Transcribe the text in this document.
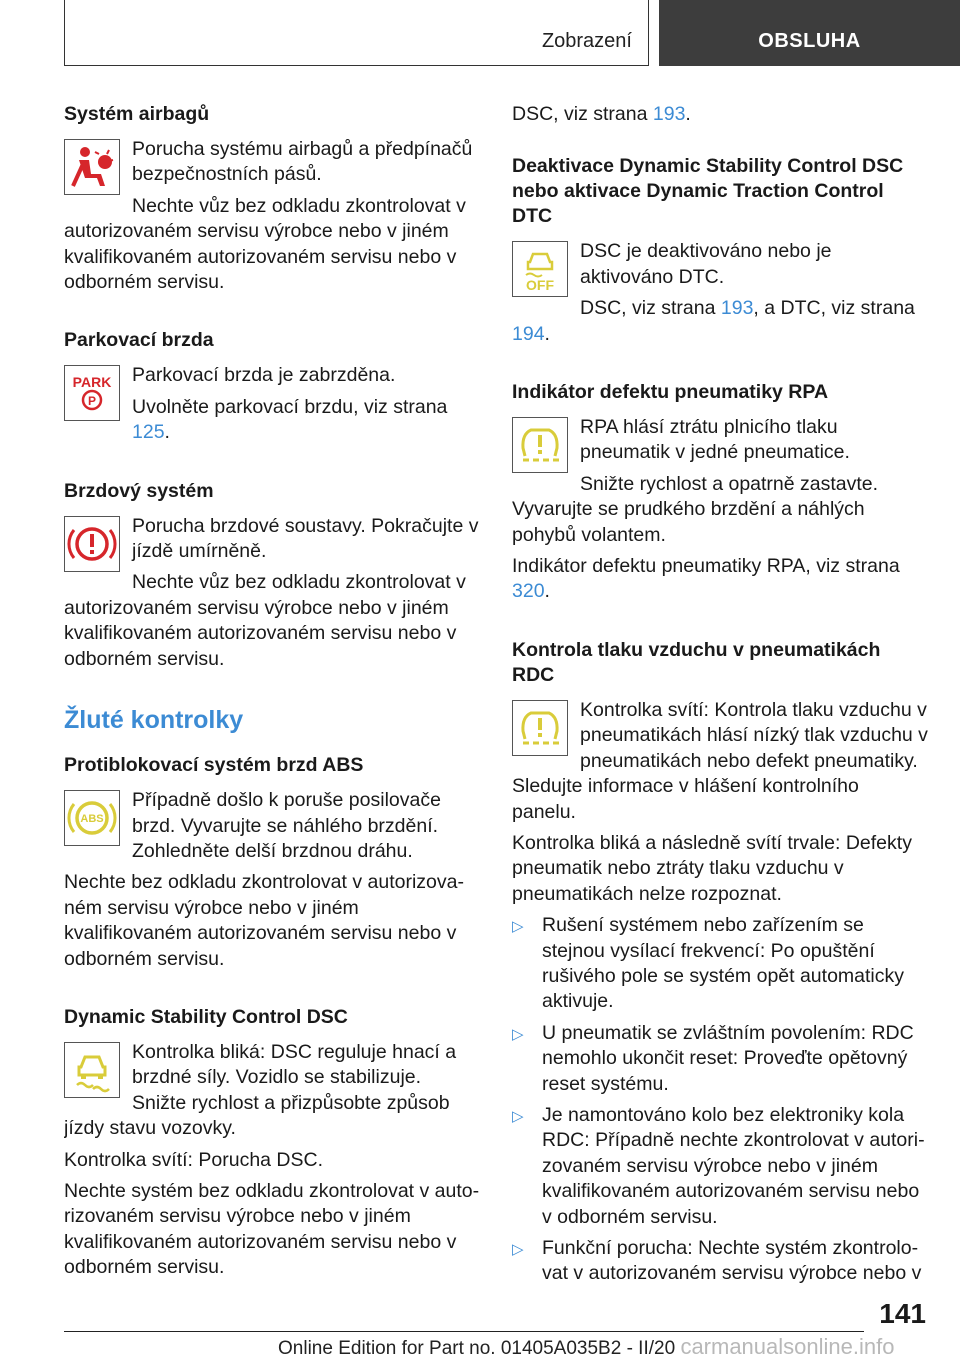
Zobrazení	OBSLUHA
Systém airbagů
Porucha systému airbagů a předpínačů bezpečnostních pásů.
Nechte vůz bez odkladu zkontrolovat v autorizovaném servisu výrobce nebo v jiném kvalifikovaném autorizovaném servisu nebo v odborném servisu.
Parkovací brzda
PARK
P
Parkovací brzda je zabrzděna.
Uvolněte parkovací brzdu, viz strana 125.
Brzdový systém
Porucha brzdové soustavy. Pokračujte v jízdě umírněně.
Nechte vůz bez odkladu zkontrolovat v autorizovaném servisu výrobce nebo v jiném kvalifikovaném autorizovaném servisu nebo v odborném servisu.
Žluté kontrolky
Protiblokovací systém brzd ABS
ABS
Případně došlo k poruše posilovače brzd. Vyvarujte se náhlého brzdění. Zohledněte delší brzdnou dráhu.
Nechte bez odkladu zkontrolovat v autorizovaném servisu výrobce nebo v jiném kvalifikovaném autorizovaném servisu nebo v odborném servisu.
Dynamic Stability Control DSC
Kontrolka bliká: DSC reguluje hnací a brzdné síly. Vozidlo se stabilizuje. Snižte rychlost a přizpůsobte způsob jízdy stavu vozovky.
Kontrolka svítí: Porucha DSC.
Nechte systém bez odkladu zkontrolovat v autorizovaném servisu výrobce nebo v jiném kvalifikovaném autorizovaném servisu nebo v odborném servisu.
DSC, viz strana 193.
Deaktivace Dynamic Stability Control DSC nebo aktivace Dynamic Traction Control DTC
OFF
DSC je deaktivováno nebo je aktivováno DTC.
DSC, viz strana 193, a DTC, viz strana 194.
Indikátor defektu pneumatiky RPA
RPA hlásí ztrátu plnicího tlaku pneumatik v jedné pneumatice.
Snižte rychlost a opatrně zastavte. Vyvarujte se prudkého brzdění a náhlých pohybů volantem.
Indikátor defektu pneumatiky RPA, viz strana 320.
Kontrola tlaku vzduchu v pneumatikách RDC
Kontrolka svítí: Kontrola tlaku vzduchu v pneumatikách hlásí nízký tlak vzduchu v pneumatikách nebo defekt pneumatiky. Sledujte informace v hlášení kontrolního panelu.
Kontrolka bliká a následně svítí trvale: Defekty pneumatik nebo ztráty tlaku vzduchu v pneumatikách nelze rozpoznat.
▷ Rušení systémem nebo zařízením se stejnou vysílací frekvencí: Po opuštění rušivého pole se systém opět automaticky aktivuje.
▷ U pneumatik se zvláštním povolením: RDC nemohlo ukončit reset: Proveďte opětovný reset systému.
▷ Je namontováno kolo bez elektroniky kola RDC: Případně nechte zkontrolovat v autorizovaném servisu výrobce nebo v jiném kvalifikovaném autorizovaném servisu nebo v odborném servisu.
▷ Funkční porucha: Nechte systém zkontrolovat v autorizovaném servisu výrobce nebo v
141
Online Edition for Part no. 01405A035B2 - II/20 carmanualsonline.info
